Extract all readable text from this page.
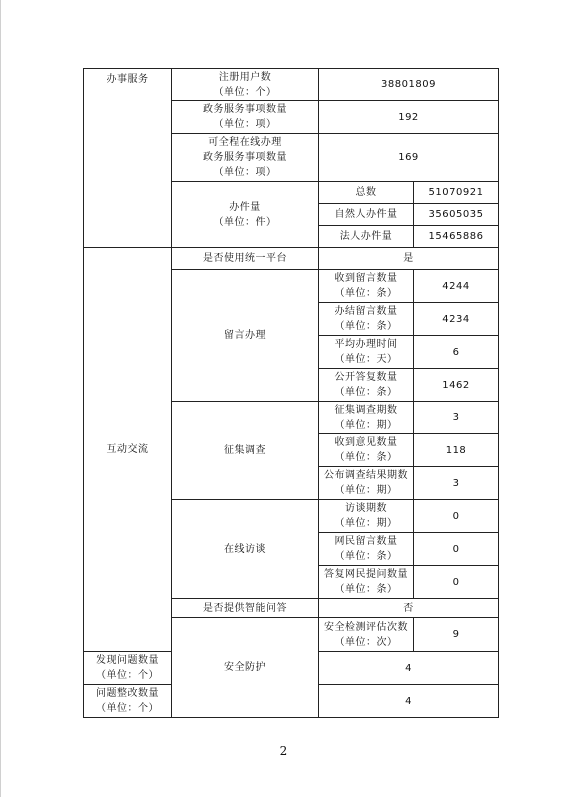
办事服务	注册用户数
（单位：个）	38801809	

	政务服务事项数量
（单位：项）	192	

	可全程在线办理
政务服务事项数量
（单位：项）	169	

	办件量
（单位：件）	总数	51070921
		自然人办件量	35605035
		法人办件量	15465886
互动交流	是否使用统一平台	是	
	留言办理	收到留言数量
（单位：条）	4244

		办结留言数量
（单位：条）	4234

		平均办理时间
（单位：天）	6

		公开答复数量
（单位：条）	1462
	征集调查	征集调查期数
（单位：期）	3

		收到意见数量
（单位：条）	118

		公布调查结果期数
（单位：期）	3
	在线访谈	访谈期数
（单位：期）	0

		网民留言数量
（单位：条）	0

		答复网民提问数量
（单位：条）	0
	是否提供智能问答	否	
	安全防护	安全检测评估次数
（单位：次）	9

发现问题数量
（单位：个）		4	

问题整改数量
（单位：个）		4	
2
